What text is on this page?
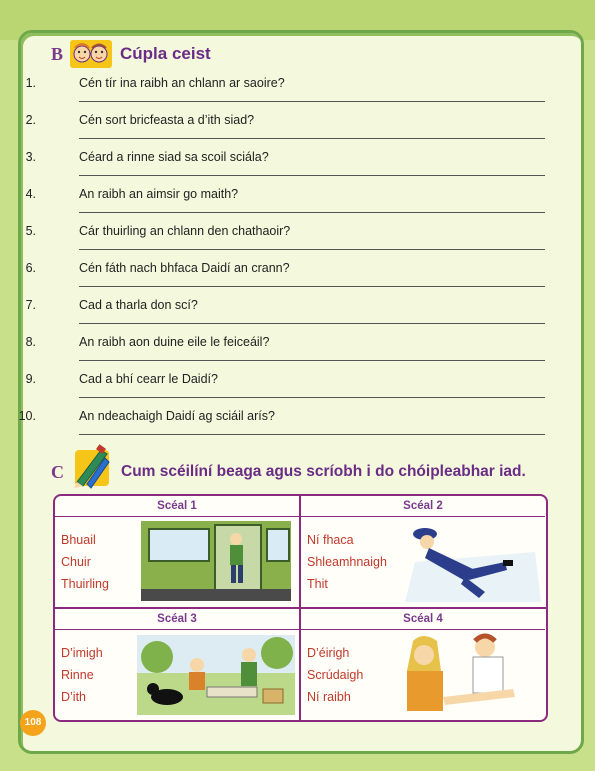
B	Cúpla ceist
1.	Cén tír ina raibh an chlann ar saoire?
2.	Cén sort bricfeasta a d’ith siad?
3.	Céard a rinne siad sa scoil sciála?
4.	An raibh an aimsir go maith?
5.	Cár thuirling an chlann den chathaoir?
6.	Cén fáth nach bhfaca Daidí an crann?
7.	Cad a tharla don scí?
8.	An raibh aon duine eile le feiceáil?
9.	Cad a bhí cearr le Daidí?
10.	An ndeachaigh Daidí ag sciáil arís?
C	Cum scéilíní beaga agus scríobh i do chóipleabhar iad.
Scéal 1
Bhuail
Chuir
Thuirling
Scéal 2
Ní fhaca
Shleamhnaigh
Thit
Scéal 3
D’imigh
Rinne
D’ith
Scéal 4
D’éirigh
Scrúdaigh
Ní raibh
108
